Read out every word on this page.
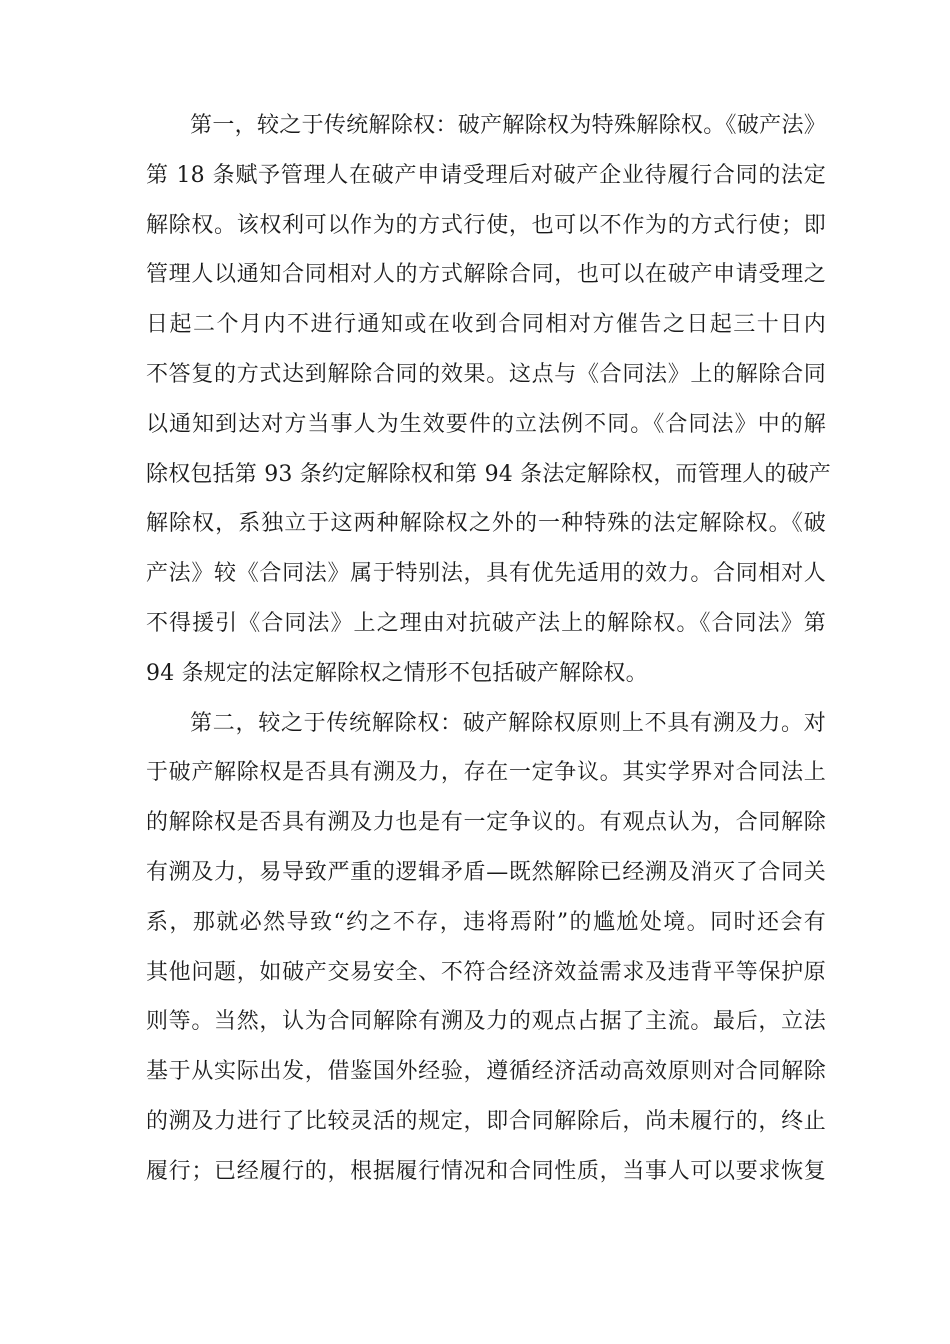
第一，较之于传统解除权：破产解除权为特殊解除权。《破产法》
第 18 条赋予管理人在破产申请受理后对破产企业待履行合同的法定
解除权。该权利可以作为的方式行使，也可以不作为的方式行使；即
管理人以通知合同相对人的方式解除合同，也可以在破产申请受理之
日起二个月内不进行通知或在收到合同相对方催告之日起三十日内
不答复的方式达到解除合同的效果。这点与《合同法》上的解除合同
以通知到达对方当事人为生效要件的立法例不同。《合同法》中的解
除权包括第 93 条约定解除权和第 94 条法定解除权，而管理人的破产
解除权，系独立于这两种解除权之外的一种特殊的法定解除权。《破
产法》较《合同法》属于特别法，具有优先适用的效力。合同相对人
不得援引《合同法》上之理由对抗破产法上的解除权。《合同法》第
94 条规定的法定解除权之情形不包括破产解除权。
第二，较之于传统解除权：破产解除权原则上不具有溯及力。对
于破产解除权是否具有溯及力，存在一定争议。其实学界对合同法上
的解除权是否具有溯及力也是有一定争议的。有观点认为，合同解除
有溯及力，易导致严重的逻辑矛盾—既然解除已经溯及消灭了合同关
系，那就必然导致“约之不存，违将焉附”的尴尬处境。同时还会有
其他问题，如破产交易安全、不符合经济效益需求及违背平等保护原
则等。当然，认为合同解除有溯及力的观点占据了主流。最后，立法
基于从实际出发，借鉴国外经验，遵循经济活动高效原则对合同解除
的溯及力进行了比较灵活的规定，即合同解除后，尚未履行的，终止
履行；已经履行的，根据履行情况和合同性质，当事人可以要求恢复
